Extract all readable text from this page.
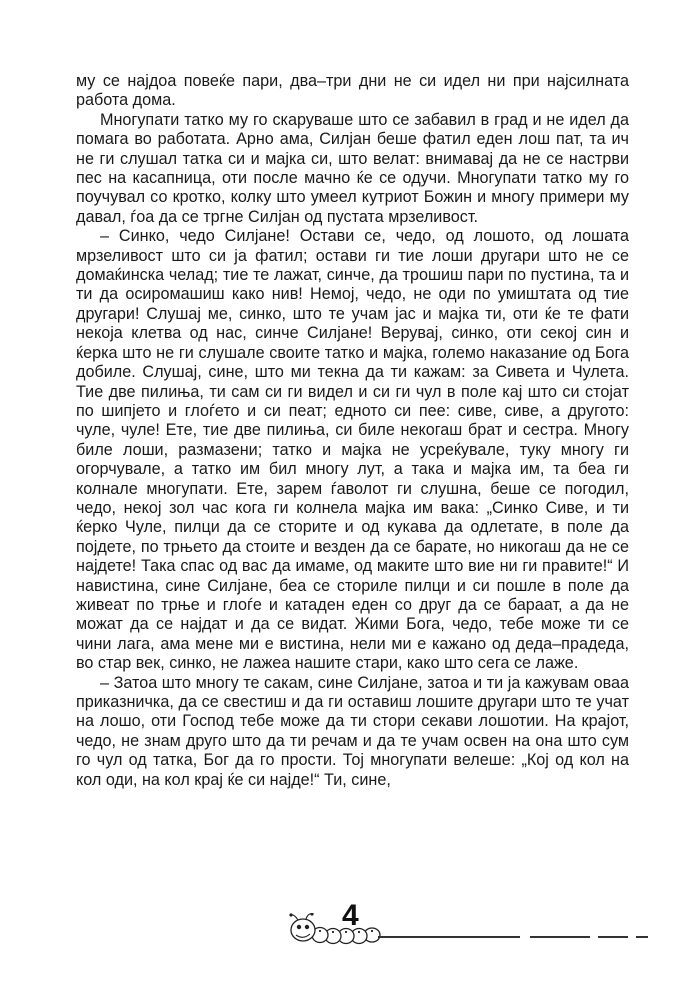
му се најдоа повеќе пари, два–три дни не си идел ни при најсилната работа дома.

Многупати татко му го скаруваше што се забавил в град и не идел да помага во работата. Арно ама, Силјан беше фатил еден лош пат, та ич не ги слушал татка си и мајка си, што велат: внимавај да не се настрви пес на касапница, оти после мачно ќе се одучи. Многупати татко му го поучувал со кротко, колку што умеел кутриот Божин и многу примери му давал, ѓоа да се тргне Силјан од пустата мрзеливост.

– Синко, чедо Силјане! Остави се, чедо, од лошото, од лошата мрзеливост што си ја фатил; остави ги тие лоши другари што не се домаќинска челад; тие те лажат, синче, да трошиш пари по пустина, та и ти да осиромашиш како нив! Немој, чедо, не оди по умиштата од тие другари! Слушај ме, синко, што те учам јас и мајка ти, оти ќе те фати некоја клетва од нас, синче Силјане! Верувај, синко, оти секој син и ќерка што не ги слушале своите татко и мајка, големо наказание од Бога добиле. Слушај, сине, што ми текна да ти кажам: за Сивета и Чулета. Тие две пилиња, ти сам си ги видел и си ги чул в поле кај што си стојат по шипјето и глоѓето и си пеат; едното си пее: сиве, сиве, а другото: чуле, чуле! Ете, тие две пилиња, си биле некогаш брат и сестра. Многу биле лоши, размазени; татко и мајка не усреќувале, туку многу ги огорчувале, а татко им бил многу лут, а така и мајка им, та беа ги колнале многупати. Ете, зарем ѓаволот ги слушна, беше се погодил, чедо, некој зол час кога ги колнела мајка им вака: „Синко Сиве, и ти ќерко Чуле, пилци да се сторите и од кукавa да одлетате, в поле да појдете, по трњето да стоите и вездeн да се барате, но никогаш да не се најдете! Така спас од вас да имаме, од маките што вие ни ги правите!“ И навистина, сине Силјане, беа се сториле пилци и си пошле в поле да живеат по трње и глоѓе и катаден еден со друг да се бараат, а да не можат да се најдат и да се видат. Жими Бога, чедо, тебе може ти се чини лага, ама мене ми е вистина, нели ми е кажано од деда–прадеда, во стар век, синко, не лажеа нашите стари, како што сега се лаже.

– Затоа што многу те сакам, сине Силјане, затоа и ти ја кажувам оваа приказничка, да се свестиш и да ги оставиш лошите другари што те учат на лошо, оти Господ тебе може да ти стори секави лошотии. На крајот, чедо, не знам друго што да ти речам и да те учам освен на она што сум го чул од татка, Бог да го прости. Тој многупати велеше: „Кој од кол на кол оди, на кол крај ќе си најде!“ Ти, сине,

4
